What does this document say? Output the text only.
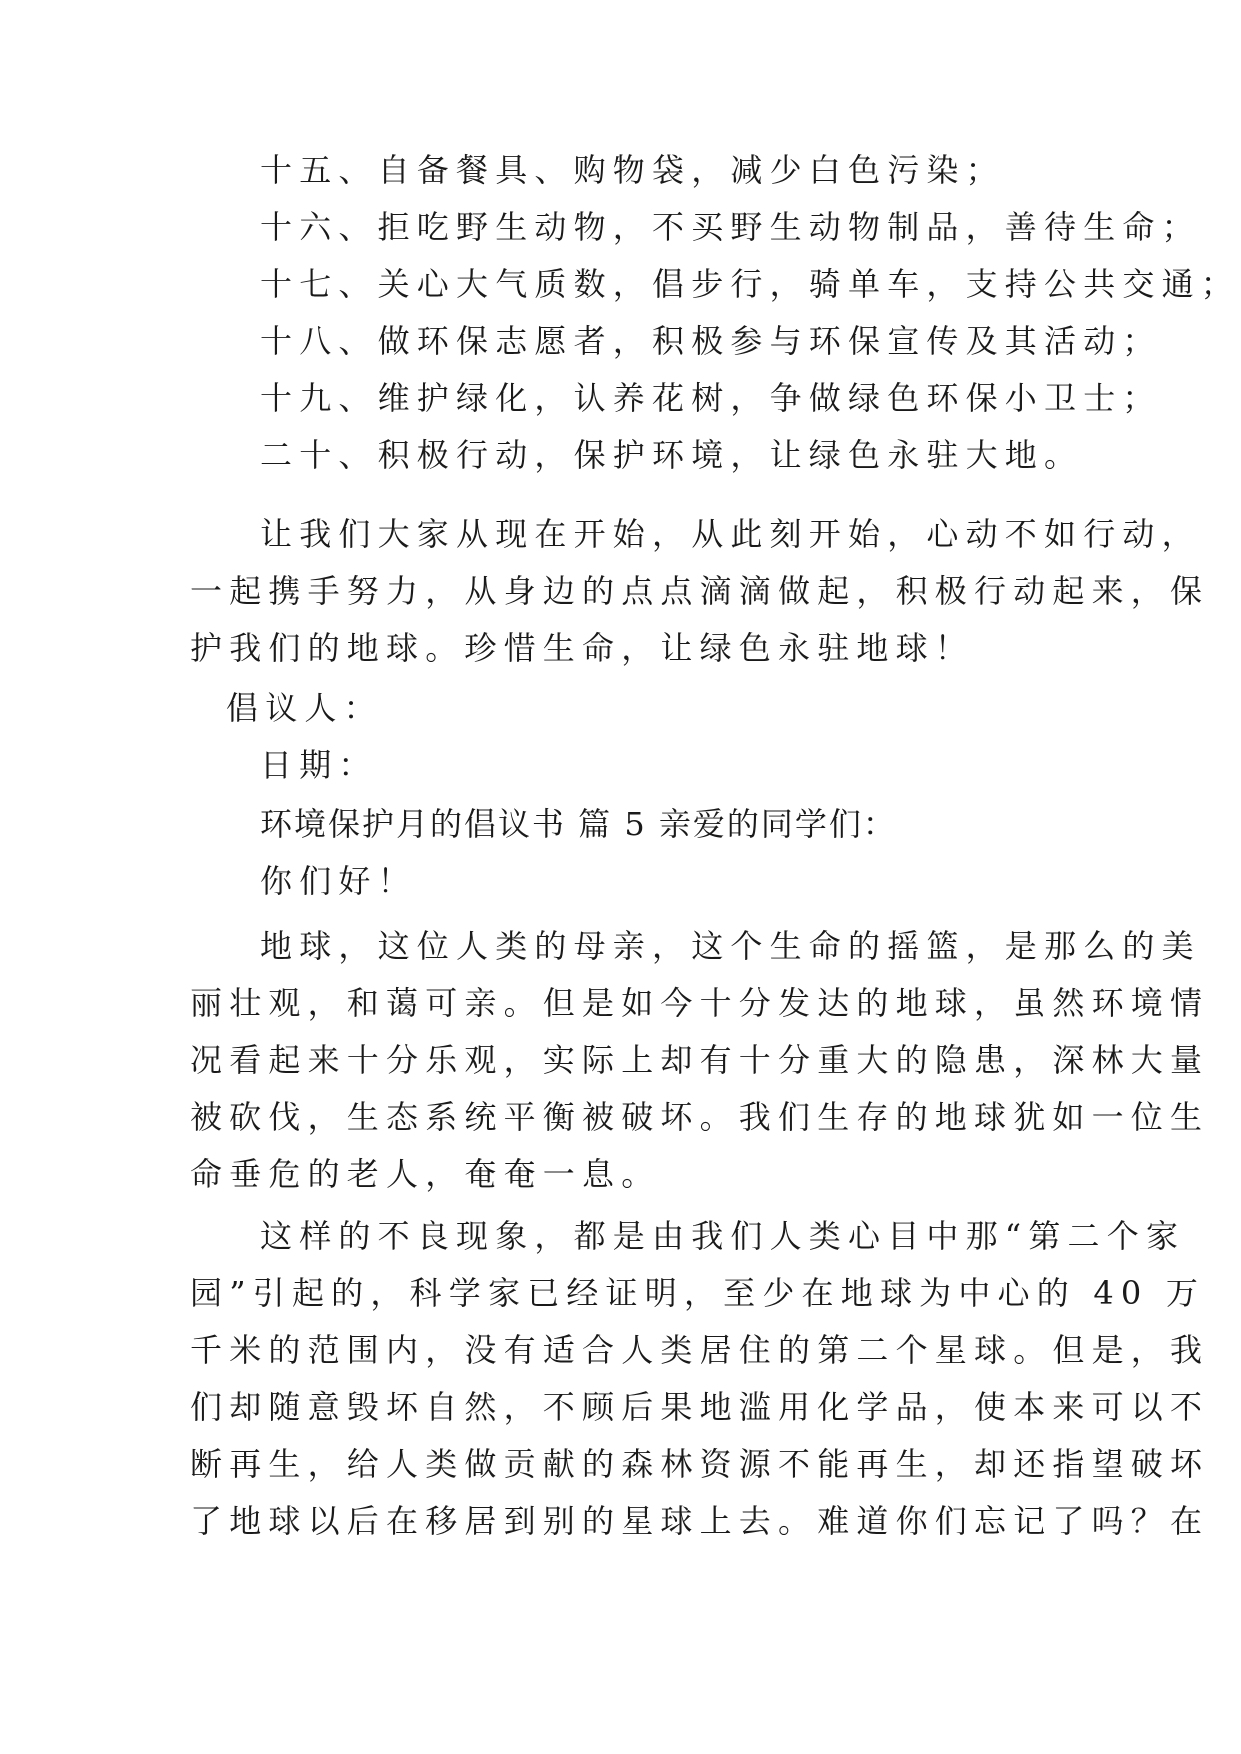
十五、自备餐具、购物袋，减少白色污染；
十六、拒吃野生动物，不买野生动物制品，善待生命；
十七、关心大气质数，倡步行，骑单车，支持公共交通；
十八、做环保志愿者，积极参与环保宣传及其活动；
十九、维护绿化，认养花树，争做绿色环保小卫士；
二十、积极行动，保护环境，让绿色永驻大地。
让我们大家从现在开始，从此刻开始，心动不如行动，
一起携手努力，从身边的点点滴滴做起，积极行动起来，保
护我们的地球。珍惜生命，让绿色永驻地球！
倡议人：
日期：
环境保护月的倡议书 篇 5 亲爱的同学们：
你们好！
地球，这位人类的母亲，这个生命的摇篮，是那么的美
丽壮观，和蔼可亲。但是如今十分发达的地球，虽然环境情
况看起来十分乐观，实际上却有十分重大的隐患，深林大量
被砍伐，生态系统平衡被破坏。我们生存的地球犹如一位生
命垂危的老人，奄奄一息。
这样的不良现象，都是由我们人类心目中那“第二个家
园”引起的，科学家已经证明，至少在地球为中心的 40 万
千米的范围内，没有适合人类居住的第二个星球。但是，我
们却随意毁坏自然，不顾后果地滥用化学品，使本来可以不
断再生，给人类做贡献的森林资源不能再生，却还指望破坏
了地球以后在移居到别的星球上去。难道你们忘记了吗？在
